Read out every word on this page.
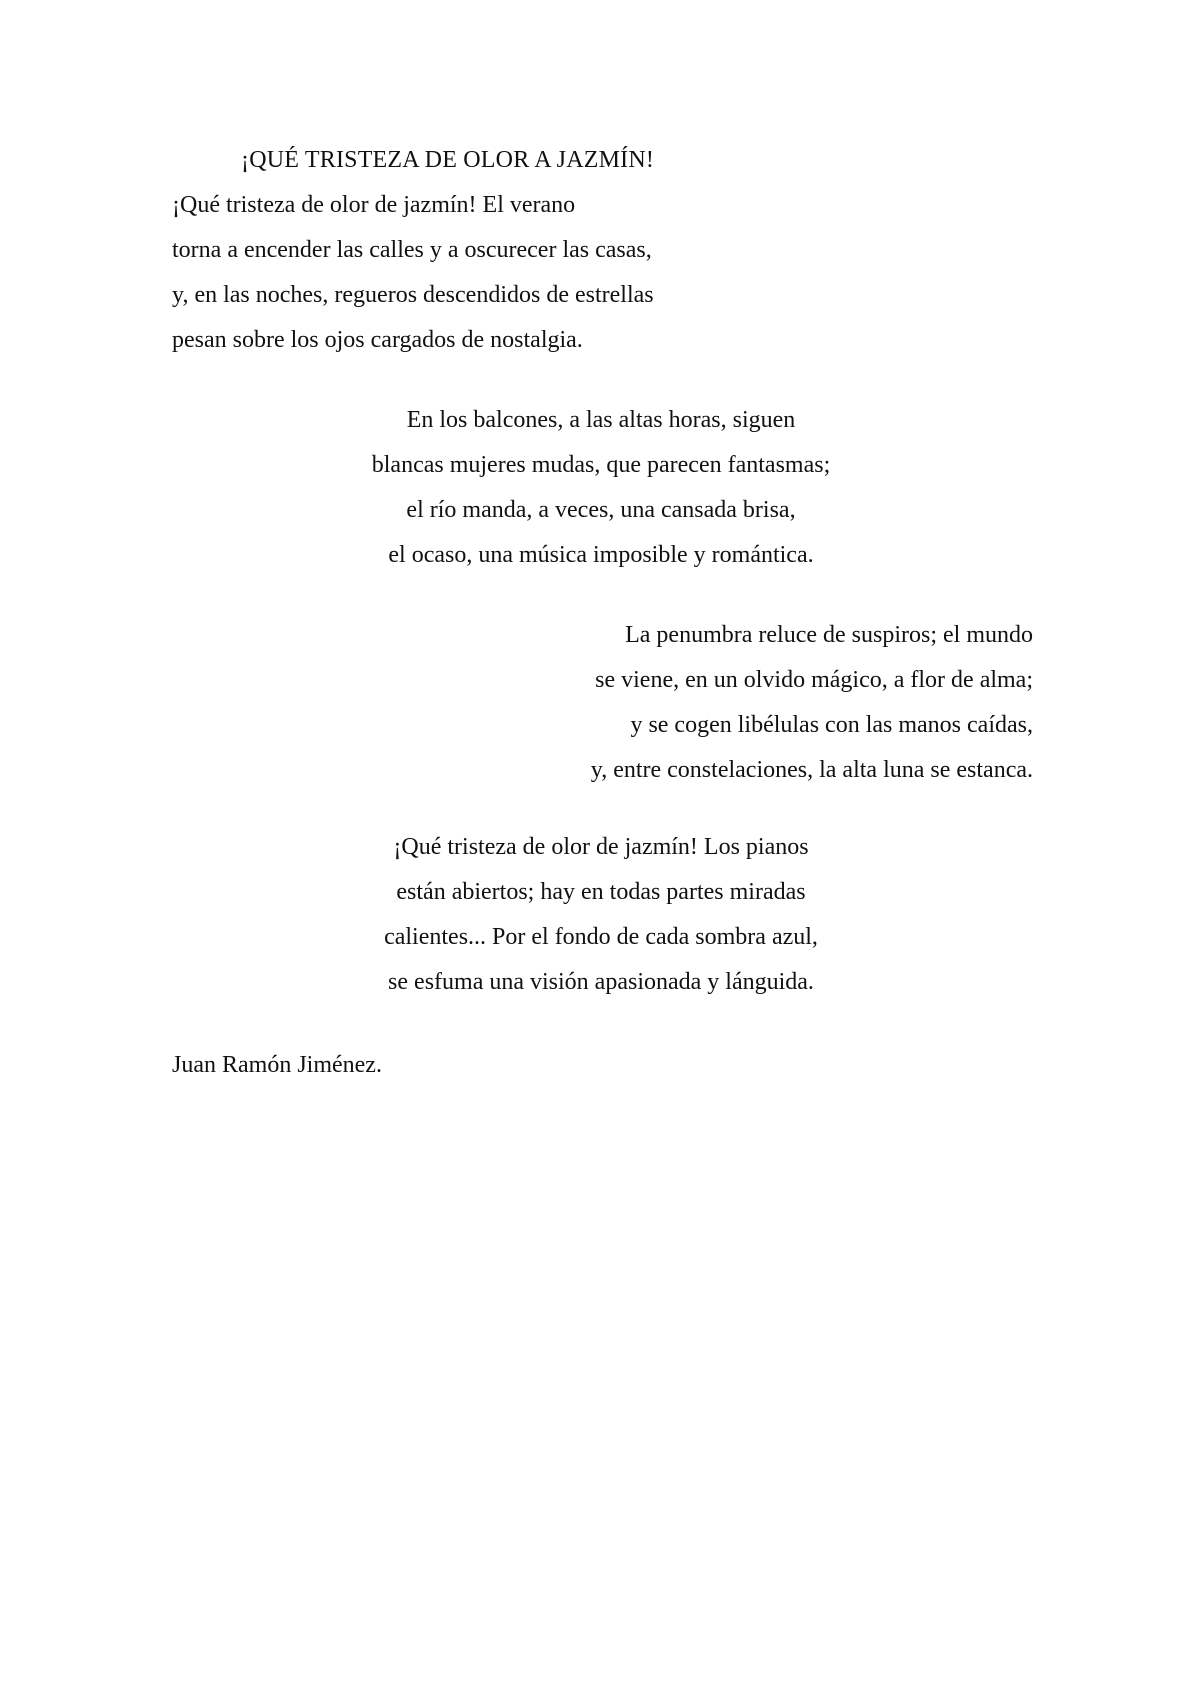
¡QUÉ TRISTEZA DE OLOR A JAZMÍN!
¡Qué tristeza de olor de jazmín! El verano
torna a encender las calles y a oscurecer las casas,
y, en las noches, regueros descendidos de estrellas
pesan sobre los ojos cargados de nostalgia.
En los balcones, a las altas horas, siguen
blancas mujeres mudas, que parecen fantasmas;
el río manda, a veces, una cansada brisa,
el ocaso, una música imposible y romántica.
La penumbra reluce de suspiros; el mundo
se viene, en un olvido mágico, a flor de alma;
y se cogen libélulas con las manos caídas,
y, entre constelaciones, la alta luna se estanca.
¡Qué tristeza de olor de jazmín! Los pianos
están abiertos; hay en todas partes miradas
calientes... Por el fondo de cada sombra azul,
se esfuma una visión apasionada y lánguida.
Juan Ramón Jiménez.
